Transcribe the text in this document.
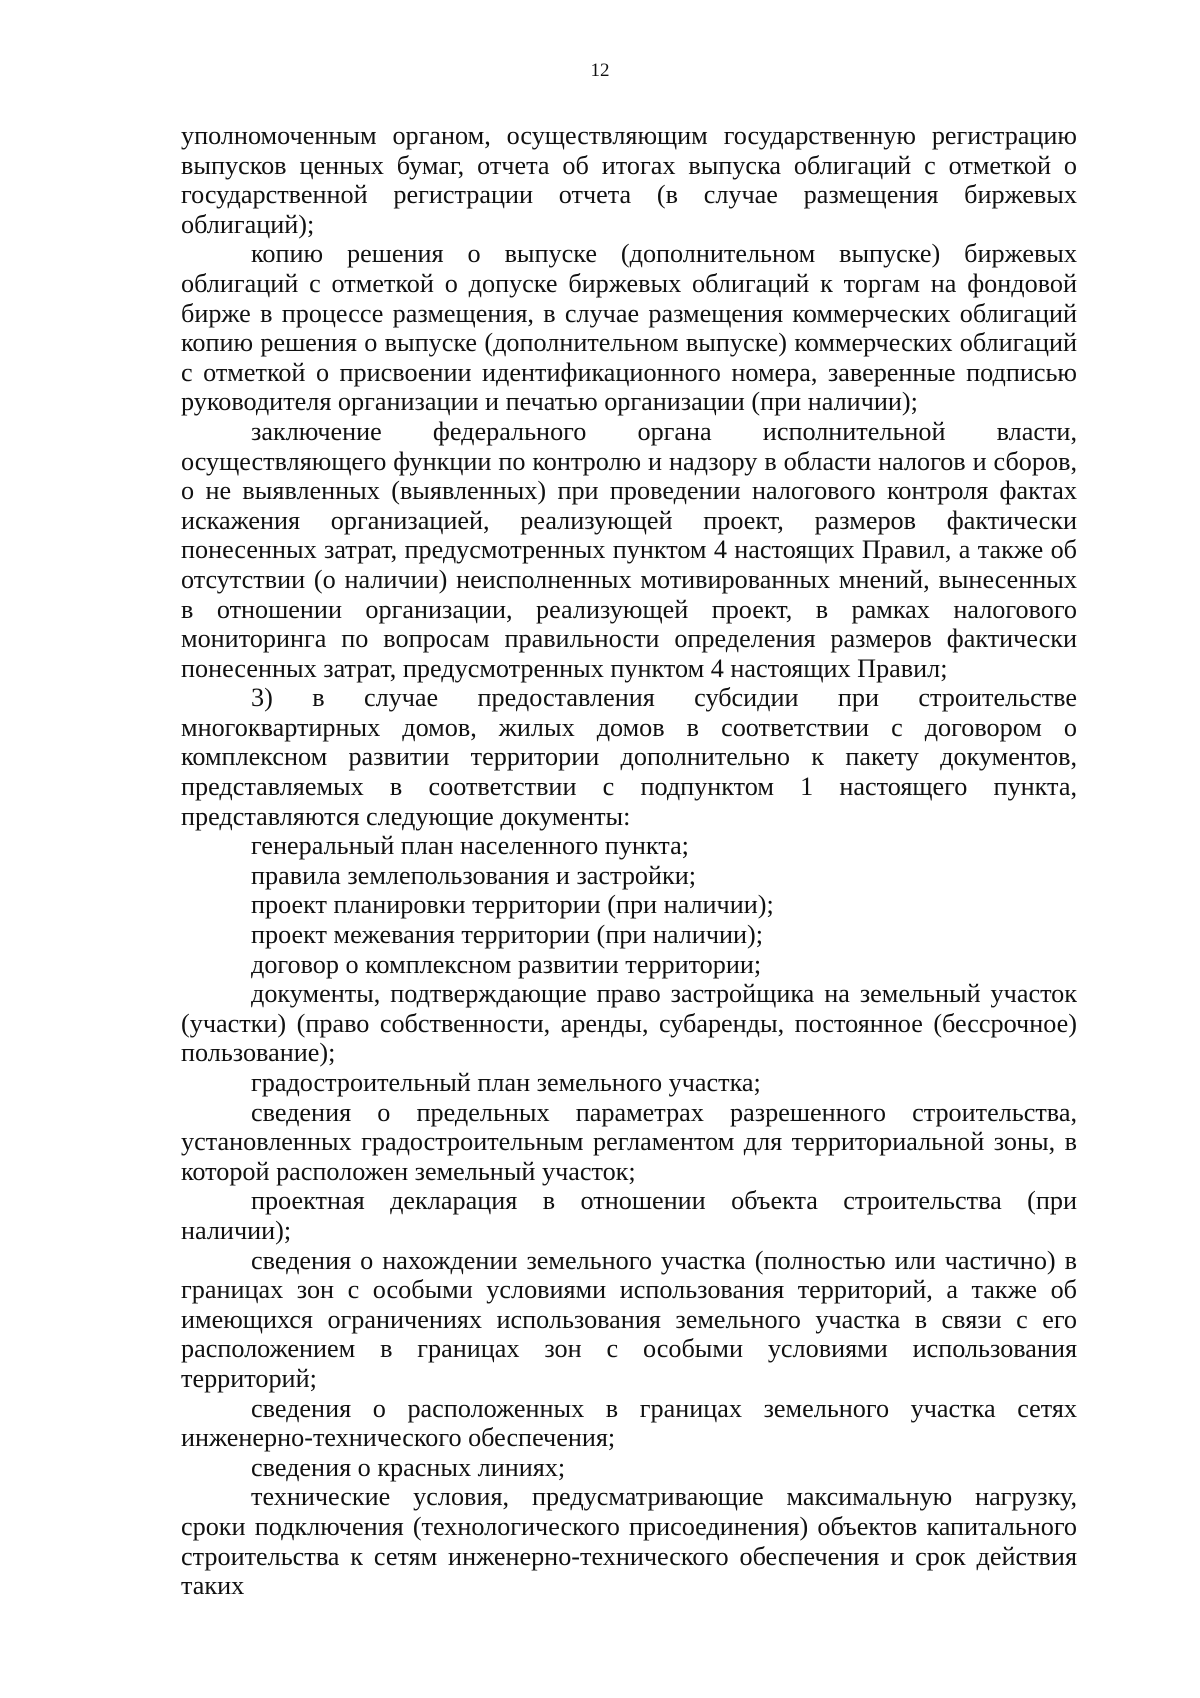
12

уполномоченным органом, осуществляющим государственную регистрацию выпусков ценных бумаг, отчета об итогах выпуска облигаций с отметкой о государственной регистрации отчета (в случае размещения биржевых облигаций);

копию решения о выпуске (дополнительном выпуске) биржевых облигаций с отметкой о допуске биржевых облигаций к торгам на фондовой бирже в процессе размещения, в случае размещения коммерческих облигаций копию решения о выпуске (дополнительном выпуске) коммерческих облигаций с отметкой о присвоении идентификационного номера, заверенные подписью руководителя организации и печатью организации (при наличии);

заключение федерального органа исполнительной власти, осуществляющего функции по контролю и надзору в области налогов и сборов, о не выявленных (выявленных) при проведении налогового контроля фактах искажения организацией, реализующей проект, размеров фактически понесенных затрат, предусмотренных пунктом 4 настоящих Правил, а также об отсутствии (о наличии) неисполненных мотивированных мнений, вынесенных в отношении организации, реализующей проект, в рамках налогового мониторинга по вопросам правильности определения размеров фактически понесенных затрат, предусмотренных пунктом 4 настоящих Правил;

3) в случае предоставления субсидии при строительстве многоквартирных домов, жилых домов в соответствии с договором о комплексном развитии территории дополнительно к пакету документов, представляемых в соответствии с подпунктом 1 настоящего пункта, представляются следующие документы:

генеральный план населенного пункта;

правила землепользования и застройки;

проект планировки территории (при наличии);

проект межевания территории (при наличии);

договор о комплексном развитии территории;

документы, подтверждающие право застройщика на земельный участок (участки) (право собственности, аренды, субаренды, постоянное (бессрочное) пользование);

градостроительный план земельного участка;

сведения о предельных параметрах разрешенного строительства, установленных градостроительным регламентом для территориальной зоны, в которой расположен земельный участок;

проектная декларация в отношении объекта строительства (при наличии);

сведения о нахождении земельного участка (полностью или частично) в границах зон с особыми условиями использования территорий, а также об имеющихся ограничениях использования земельного участка в связи с его расположением в границах зон с особыми условиями использования территорий;

сведения о расположенных в границах земельного участка сетях инженерно-технического обеспечения;

сведения о красных линиях;

технические условия, предусматривающие максимальную нагрузку, сроки подключения (технологического присоединения) объектов капитального строительства к сетям инженерно-технического обеспечения и срок действия таких
